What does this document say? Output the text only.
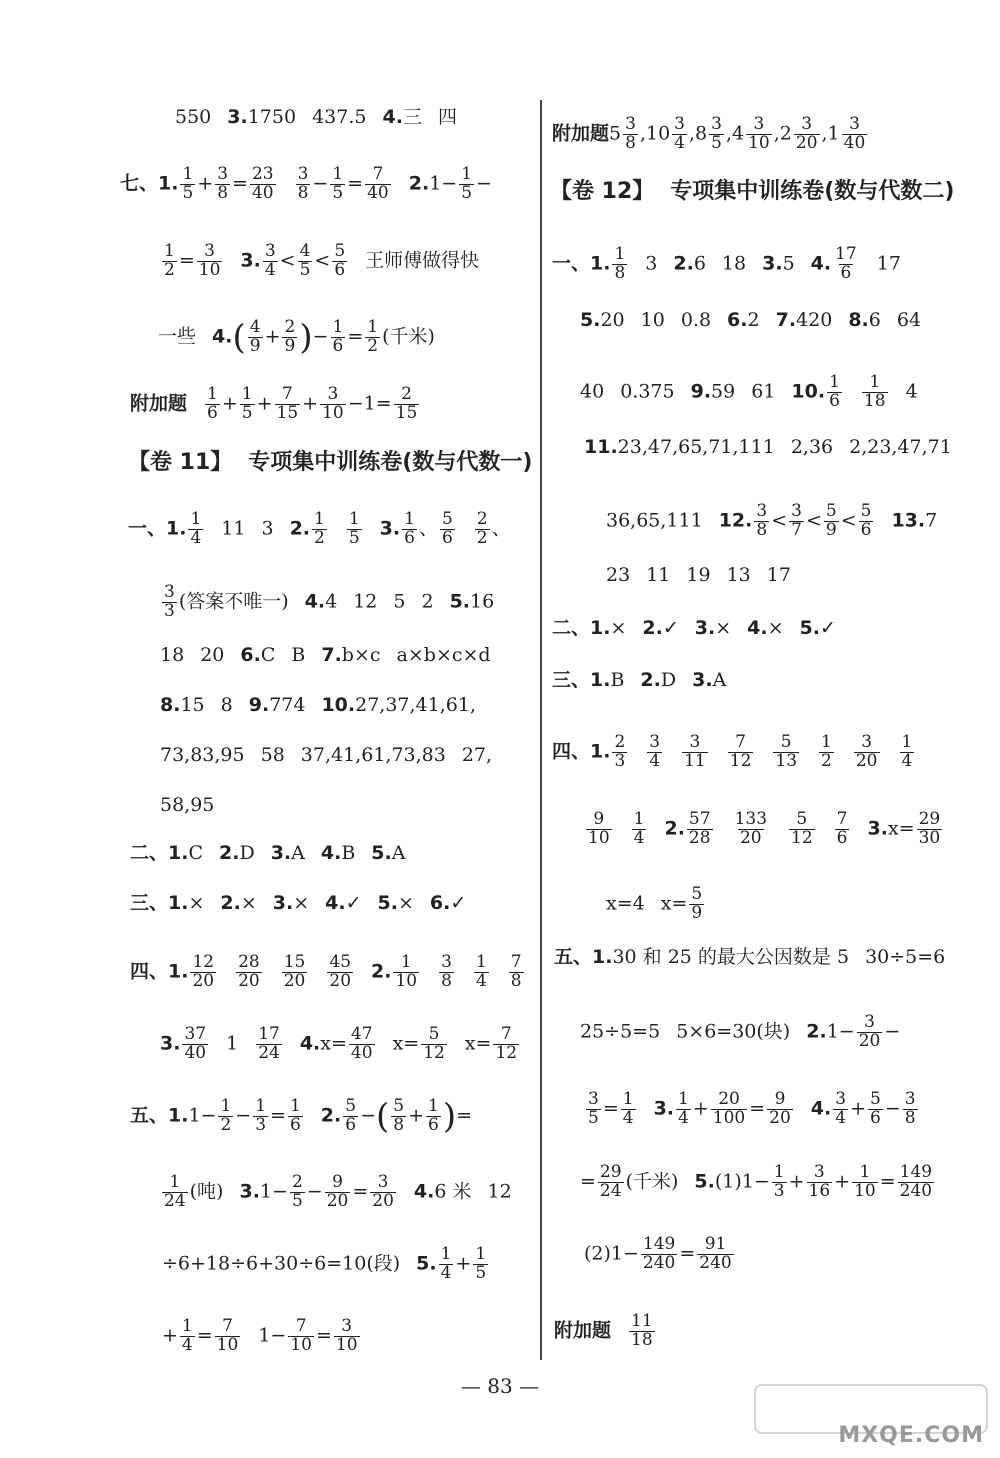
550 3.1750 437.5 4.三 四
七、1. $\frac{1}{5} + \frac{3}{8} = \frac{23}{40} \frac{3}{8} - \frac{1}{5} = \frac{7}{40} 2.1- \frac{1}{5}$ −
$\frac{1}{2} = \frac{3}{10} 3$. $\frac{3}{4} < \frac{4}{5} < \frac{5}{6}$ 王师傅做得快
一些 $4.( \frac{4}{9} + \frac{2}{9}$ )− $\frac{1}{6} = \frac{1}{2}$ (千米)
附加题 $\frac{1}{6} + \frac{1}{5} + \frac{7}{15} + \frac{3}{10} -1= \frac{2}{15}$
【卷 11】 专项集中训练卷(数与代数一)
一、1. $\frac{1}{4} 11$ 3 2. $\frac{1}{2} \frac{1}{5} 3$. $\frac{1}{6}$ 、 $\frac{5}{6} \frac{2}{2}$ 、
$\frac{3}{3}$ (答案不唯一) 4.4 12 5 2 5.16
18 20 6.C B 7.b×c a×b×c×d
8.15 8 9.774 10.27,37,41,61,
73,83,95 58 37,41,61,73,83 27,
58,95
二、1.C 2.D 3.A 4.B 5.A
三、1.× 2.× 3.× 4.✓ 5.× 6.✓
四、1. $\frac{12}{20} \frac{28}{20} \frac{15}{20} \frac{45}{20} 2$. $\frac{1}{10} \frac{3}{8} \frac{1}{4} \frac{7}{8}$
3. $\frac{37}{40} 1 \frac{17}{24} 4.x= \frac{47}{40} x= \frac{5}{12} x= \frac{7}{12}$
五、$1.1- \frac{1}{2} - \frac{1}{3} = \frac{1}{6} 2$. $\frac{5}{6}$ −( $\frac{5}{8} + \frac{1}{6}$ )=
$\frac{1}{24}$ (吨) $3.1- \frac{2}{5} - \frac{9}{20} = \frac{3}{20} 4.6$ 米 12
÷6+18÷6+30÷6=10(段) 5. $\frac{1}{4} + \frac{1}{5}$
+ $\frac{1}{4} = \frac{7}{10} 1- \frac{7}{10} = \frac{3}{10}$
附加题$5 \frac{3}{8} ,10 \frac{3}{4} ,8 \frac{3}{5} ,4 \frac{3}{10} ,2 \frac{3}{20} ,1 \frac{3}{40}$
【卷 12】 专项集中训练卷(数与代数二)
一、1. $\frac{1}{8} 3$ 2.6 18 3.5 4. $\frac{17}{6} 17$
5.20 10 0.8 6.2 7.420 8.6 64
40 0.375 9.59 61 10. $\frac{1}{6} \frac{1}{18} 4$
11.23,47,65,71,111 2,36 2,23,47,71
36,65,111 12. $\frac{3}{8} < \frac{3}{7} < \frac{5}{9} < \frac{5}{6} 13.7$
23 11 19 13 17
二、1.× 2.✓ 3.× 4.× 5.✓
三、1.B 2.D 3.A
四、1. $\frac{2}{3} \frac{3}{4} \frac{3}{11} \frac{7}{12} \frac{5}{13} \frac{1}{2} \frac{3}{20} \frac{1}{4}$
$\frac{9}{10} \frac{1}{4} 2$. $\frac{57}{28} \frac{133}{20} \frac{5}{12} \frac{7}{6} 3.x= \frac{29}{30}$
x=4 $x= \frac{5}{9}$
五、1.30 和 25 的最大公因数是 5 30÷5=6
25÷5=5 5×6=30(块) $2.1- \frac{3}{20}$ −
$\frac{3}{5} = \frac{1}{4} 3$. $\frac{1}{4} + \frac{20}{100} = \frac{9}{20} 4$. $\frac{3}{4} + \frac{5}{6} - \frac{3}{8}$
= $\frac{29}{24}$ (千米) $5.(1)1- \frac{1}{3} + \frac{3}{16} + \frac{1}{10} = \frac{149}{240}$
$(2)1- \frac{149}{240} = \frac{91}{240}$
附加题 $\frac{11}{18}$
— 83 —
MXQE.COM
